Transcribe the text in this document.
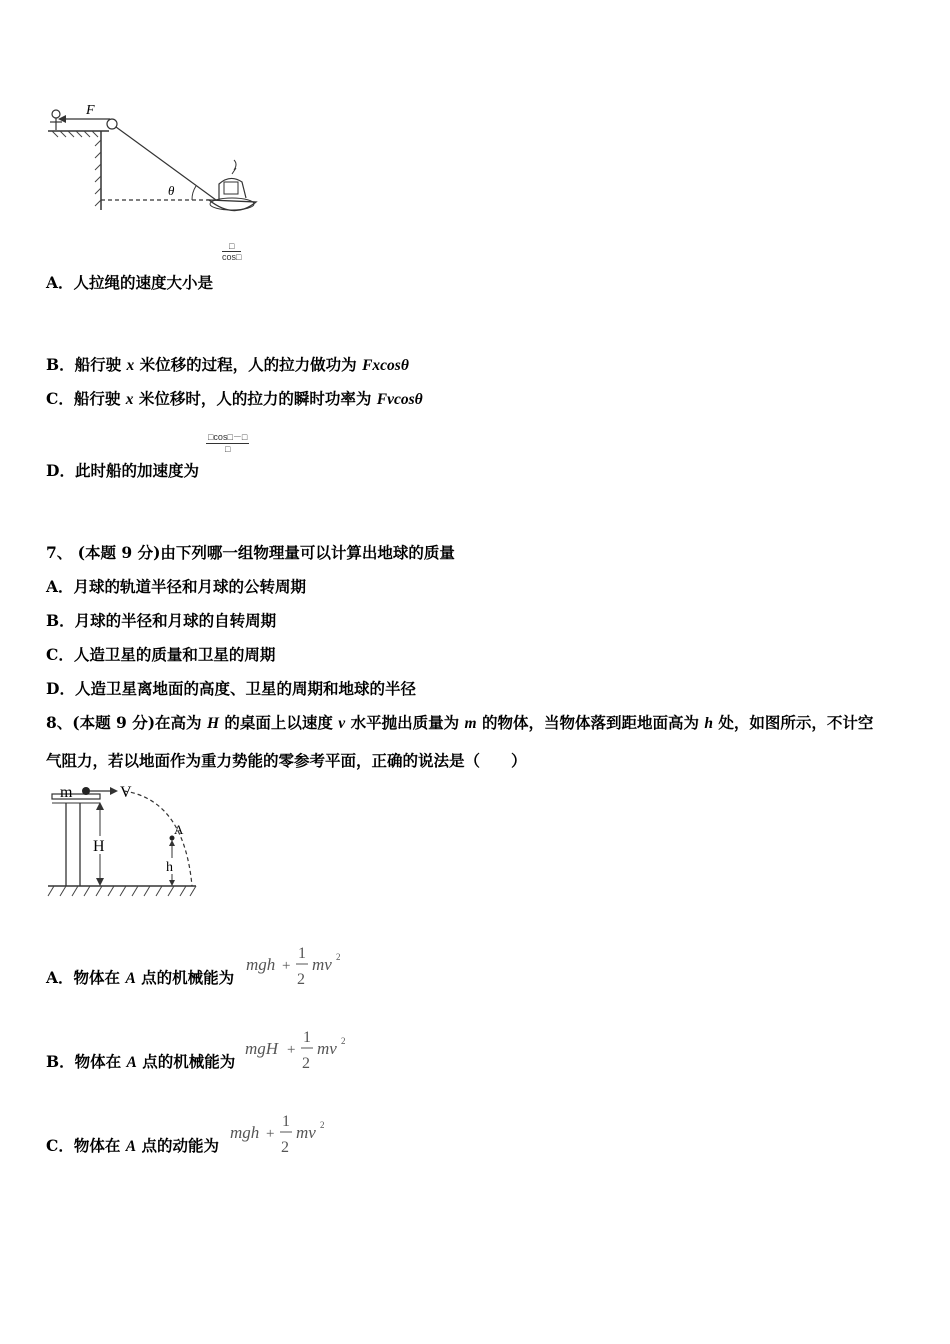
F
θ
□
cos□
A．人拉绳的速度大小是
B．船行驶 x 米位移的过程，人的拉力做功为 Fxcosθ
C．船行驶 x 米位移时，人的拉力的瞬时功率为 Fvcosθ
□cos□－□
□
D．此时船的加速度为
7、 (本题 9 分)由下列哪一组物理量可以计算出地球的质量
A．月球的轨道半径和月球的公转周期
B．月球的半径和月球的自转周期
C．人造卫星的质量和卫星的周期
D．人造卫星离地面的高度、卫星的周期和地球的半径
8、(本题 9 分)在高为 H 的桌面上以速度 v 水平抛出质量为 m 的物体，当物体落到距地面高为 h 处，如图所示，不计空
气阻力，若以地面作为重力势能的零参考平面，正确的说法是（　　）
m	V
H
A
h
A．物体在 A 点的机械能为
mgh +
1
2
mv 2
B．物体在 A 点的机械能为
mgH +
1
2
mv 2
C．物体在 A 点的动能为
mgh +
1
2
mv 2
